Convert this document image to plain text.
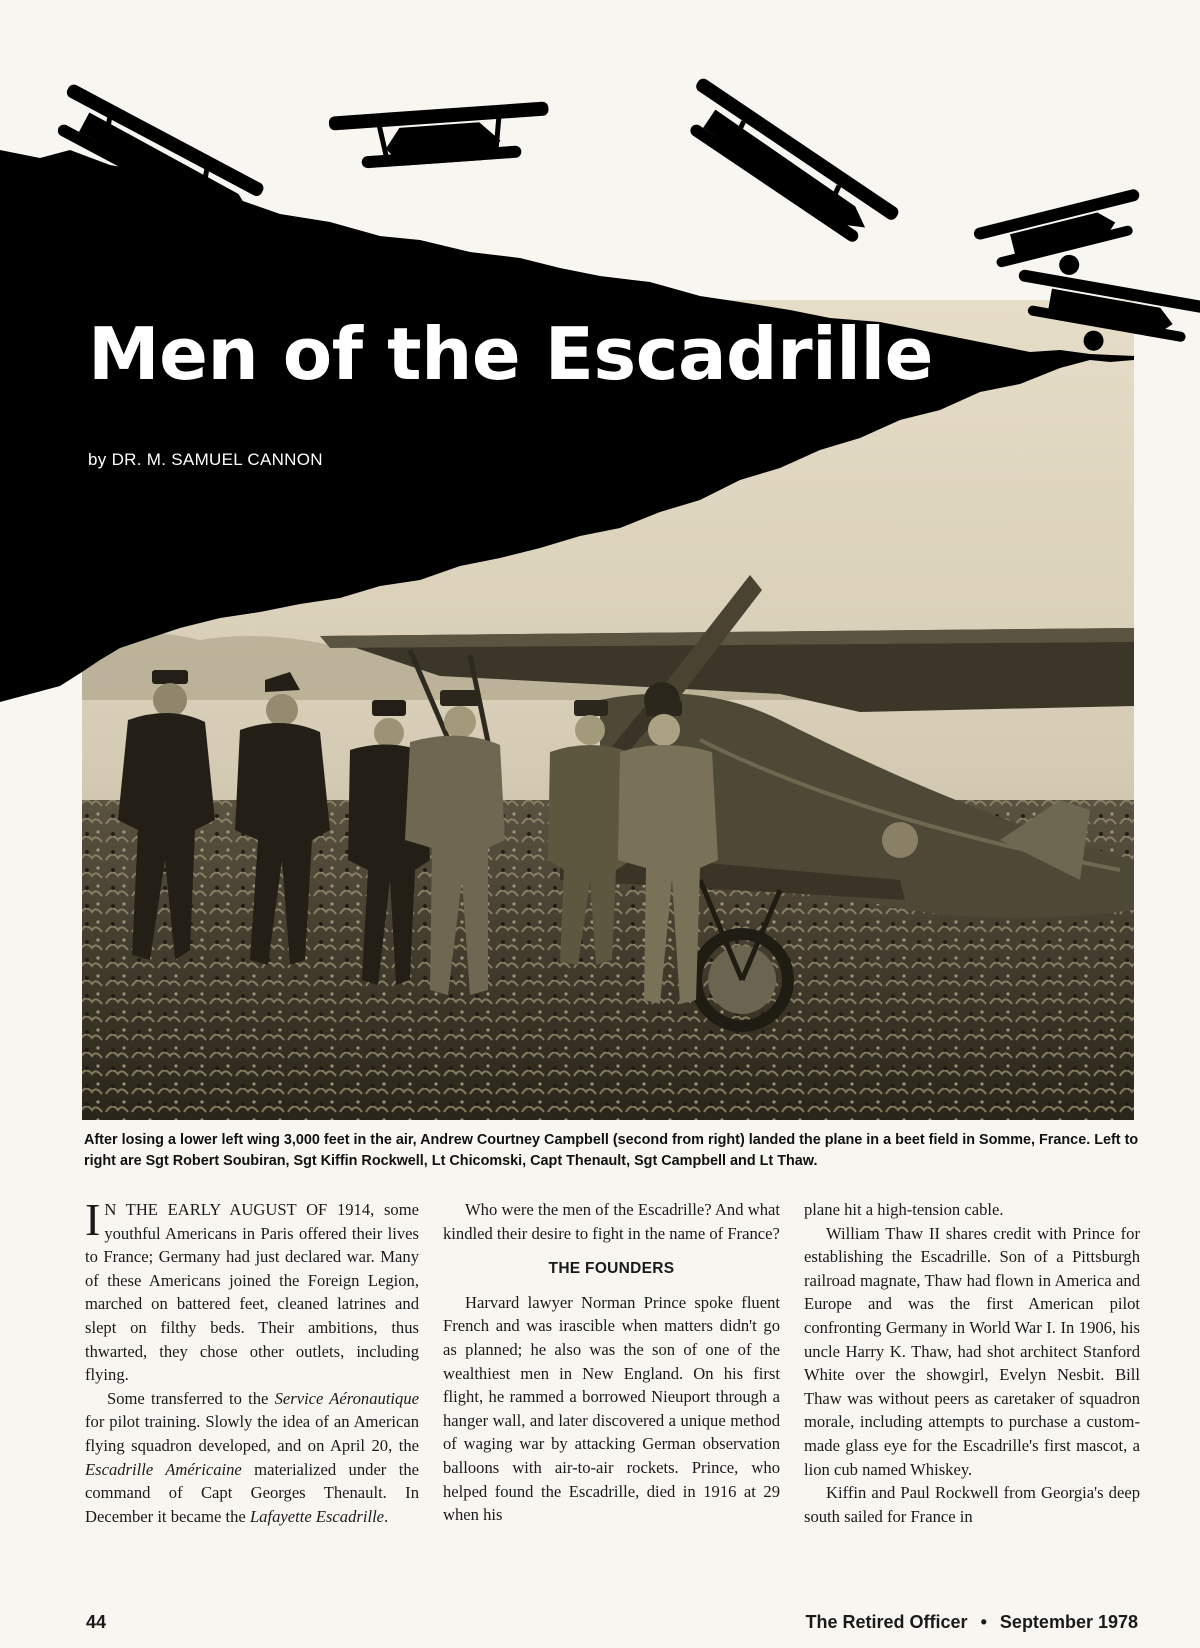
Men of the Escadrille
by DR. M. SAMUEL CANNON
After losing a lower left wing 3,000 feet in the air, Andrew Courtney Campbell (second from right) landed the plane in a beet field in Somme, France. Left to right are Sgt Robert Soubiran, Sgt Kiffin Rockwell, Lt Chicomski, Capt Thenault, Sgt Campbell and Lt Thaw.

I N THE EARLY AUGUST OF 1914, some youthful Americans in Paris offered their lives to France; Germany had just declared war. Many of these Americans joined the Foreign Legion, marched on battered feet, cleaned latrines and slept on filthy beds. Their ambitions, thus thwarted, they chose other outlets, including flying.

Some transferred to the Service Aéronautique for pilot training. Slowly the idea of an American flying squadron developed, and on April 20, the Escadrille Américaine materialized under the command of Capt Georges Thenault. In December it became the Lafayette Escadrille.

Who were the men of the Escadrille? And what kindled their desire to fight in the name of France?

THE FOUNDERS

Harvard lawyer Norman Prince spoke fluent French and was irascible when matters didn't go as planned; he also was the son of one of the wealthiest men in New England. On his first flight, he rammed a borrowed Nieuport through a hanger wall, and later discovered a unique method of waging war by attacking German observation balloons with air-to-air rockets. Prince, who helped found the Escadrille, died in 1916 at 29 when his

plane hit a high-tension cable.

William Thaw II shares credit with Prince for establishing the Escadrille. Son of a Pittsburgh railroad magnate, Thaw had flown in America and Europe and was the first American pilot confronting Germany in World War I. In 1906, his uncle Harry K. Thaw, had shot architect Stanford White over the showgirl, Evelyn Nesbit. Bill Thaw was without peers as caretaker of squadron morale, including attempts to purchase a custom-made glass eye for the Escadrille's first mascot, a lion cub named Whiskey.

Kiffin and Paul Rockwell from Georgia's deep south sailed for France in

44	The Retired Officer • September 1978
